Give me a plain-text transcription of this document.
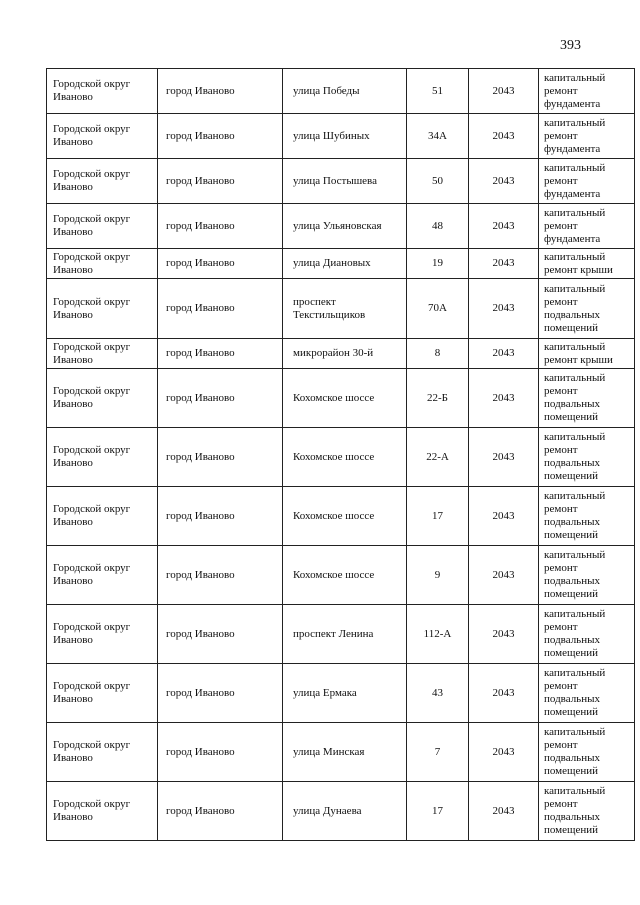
393
Городской округ Иваново	город Иваново	улица Победы	51	2043	капитальный ремонт фундамента
Городской округ Иваново	город Иваново	улица Шубиных	34А	2043	капитальный ремонт фундамента
Городской округ Иваново	город Иваново	улица Постышева	50	2043	капитальный ремонт фундамента
Городской округ Иваново	город Иваново	улица Ульяновская	48	2043	капитальный ремонт фундамента
Городской округ Иваново	город Иваново	улица Диановых	19	2043	капитальный ремонт крыши
Городской округ Иваново	город Иваново	проспект Текстильщиков	70А	2043	капитальный ремонт подвальных помещений
Городской округ Иваново	город Иваново	микрорайон 30-й	8	2043	капитальный ремонт крыши
Городской округ Иваново	город Иваново	Кохомское шоссе	22-Б	2043	капитальный ремонт подвальных помещений
Городской округ Иваново	город Иваново	Кохомское шоссе	22-А	2043	капитальный ремонт подвальных помещений
Городской округ Иваново	город Иваново	Кохомское шоссе	17	2043	капитальный ремонт подвальных помещений
Городской округ Иваново	город Иваново	Кохомское шоссе	9	2043	капитальный ремонт подвальных помещений
Городской округ Иваново	город Иваново	проспект Ленина	112-А	2043	капитальный ремонт подвальных помещений
Городской округ Иваново	город Иваново	улица Ермака	43	2043	капитальный ремонт подвальных помещений
Городской округ Иваново	город Иваново	улица Минская	7	2043	капитальный ремонт подвальных помещений
Городской округ Иваново	город Иваново	улица Дунаева	17	2043	капитальный ремонт подвальных помещений
